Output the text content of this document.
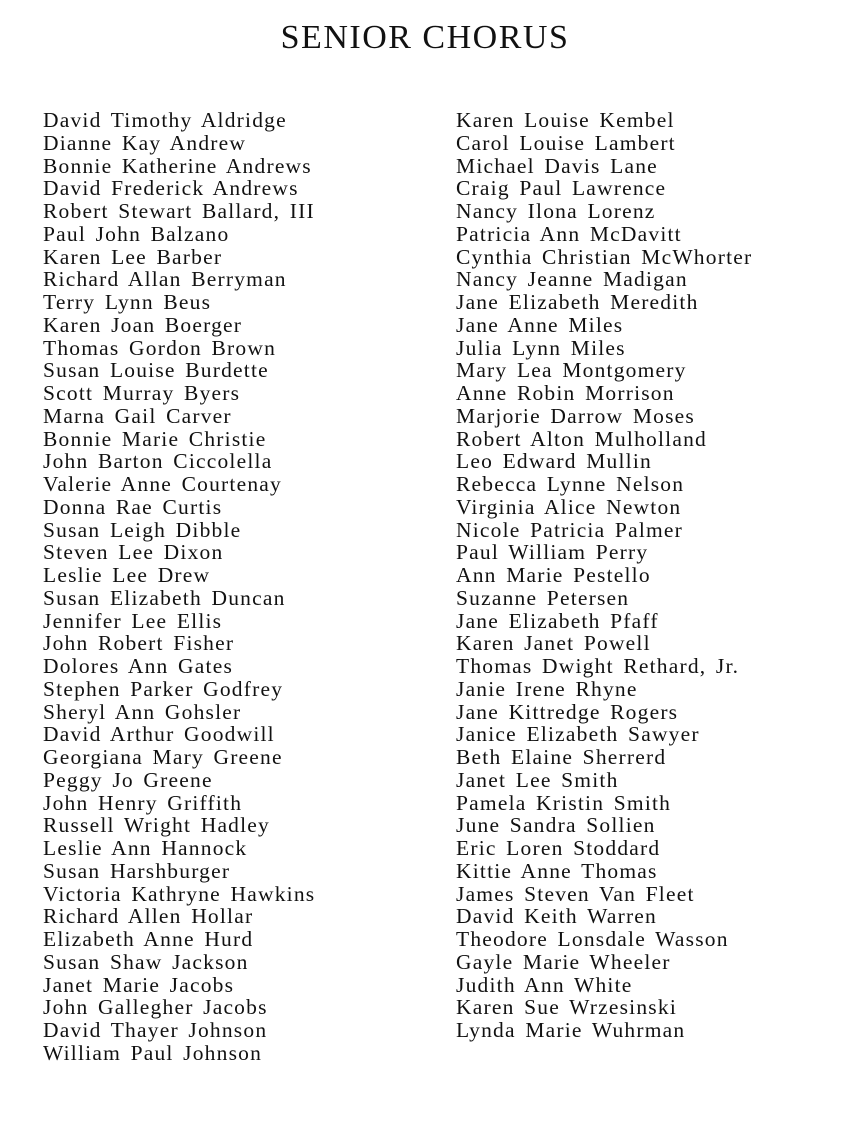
SENIOR CHORUS
David Timothy Aldridge
Dianne Kay Andrew
Bonnie Katherine Andrews
David Frederick Andrews
Robert Stewart Ballard, III
Paul John Balzano
Karen Lee Barber
Richard Allan Berryman
Terry Lynn Beus
Karen Joan Boerger
Thomas Gordon Brown
Susan Louise Burdette
Scott Murray Byers
Marna Gail Carver
Bonnie Marie Christie
John Barton Ciccolella
Valerie Anne Courtenay
Donna Rae Curtis
Susan Leigh Dibble
Steven Lee Dixon
Leslie Lee Drew
Susan Elizabeth Duncan
Jennifer Lee Ellis
John Robert Fisher
Dolores Ann Gates
Stephen Parker Godfrey
Sheryl Ann Gohsler
David Arthur Goodwill
Georgiana Mary Greene
Peggy Jo Greene
John Henry Griffith
Russell Wright Hadley
Leslie Ann Hannock
Susan Harshburger
Victoria Kathryne Hawkins
Richard Allen Hollar
Elizabeth Anne Hurd
Susan Shaw Jackson
Janet Marie Jacobs
John Gallegher Jacobs
David Thayer Johnson
William Paul Johnson
Karen Louise Kembel
Carol Louise Lambert
Michael Davis Lane
Craig Paul Lawrence
Nancy Ilona Lorenz
Patricia Ann McDavitt
Cynthia Christian McWhorter
Nancy Jeanne Madigan
Jane Elizabeth Meredith
Jane Anne Miles
Julia Lynn Miles
Mary Lea Montgomery
Anne Robin Morrison
Marjorie Darrow Moses
Robert Alton Mulholland
Leo Edward Mullin
Rebecca Lynne Nelson
Virginia Alice Newton
Nicole Patricia Palmer
Paul William Perry
Ann Marie Pestello
Suzanne Petersen
Jane Elizabeth Pfaff
Karen Janet Powell
Thomas Dwight Rethard, Jr.
Janie Irene Rhyne
Jane Kittredge Rogers
Janice Elizabeth Sawyer
Beth Elaine Sherrerd
Janet Lee Smith
Pamela Kristin Smith
June Sandra Sollien
Eric Loren Stoddard
Kittie Anne Thomas
James Steven Van Fleet
David Keith Warren
Theodore Lonsdale Wasson
Gayle Marie Wheeler
Judith Ann White
Karen Sue Wrzesinski
Lynda Marie Wuhrman
